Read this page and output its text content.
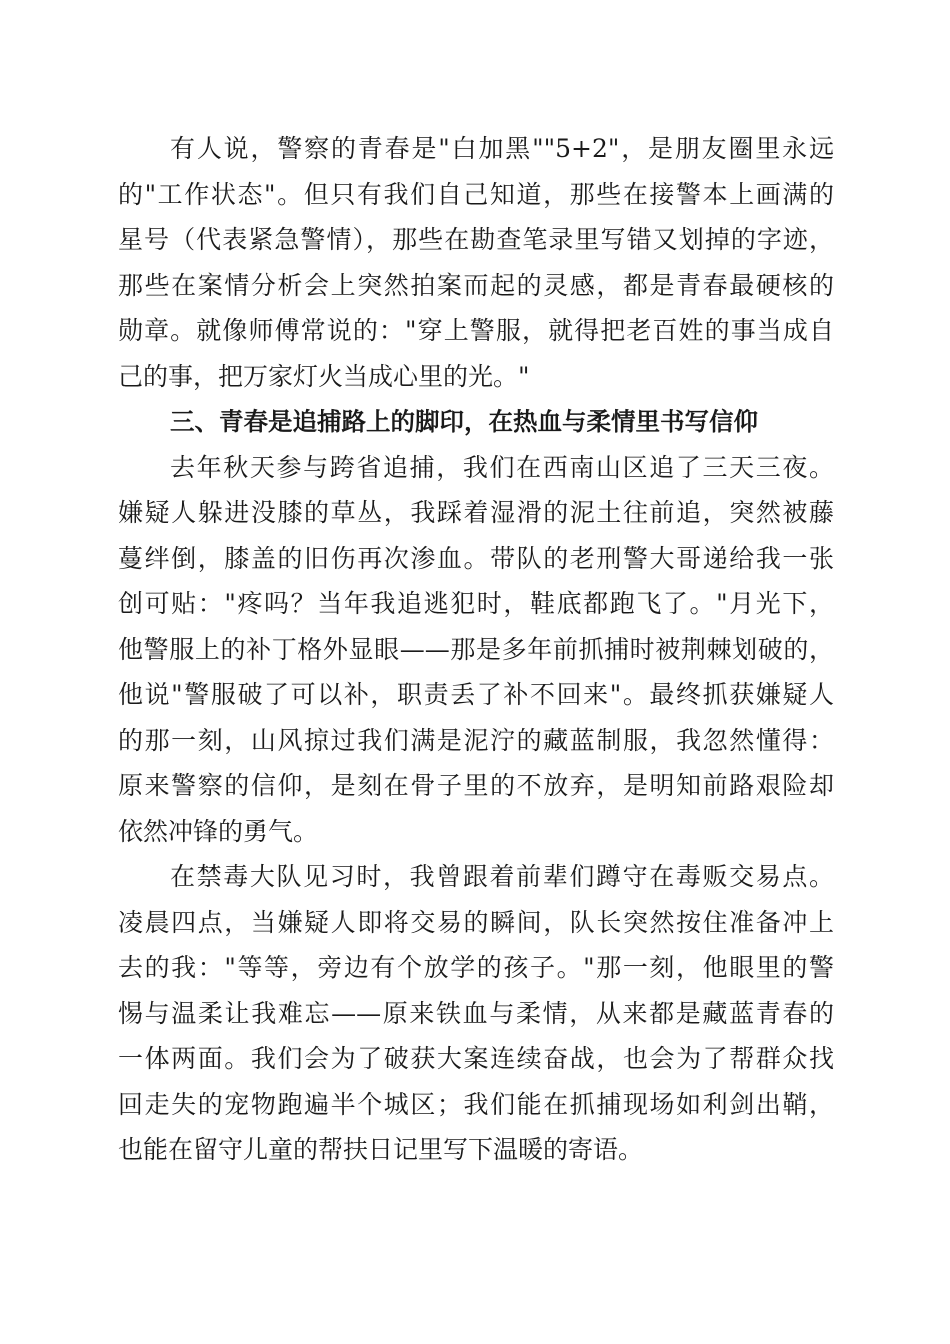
有人说，警察的青春是"白加黑""5+2"，是朋友圈里永远
的"工作状态"。但只有我们自己知道，那些在接警本上画满的
星号（代表紧急警情），那些在勘查笔录里写错又划掉的字迹，
那些在案情分析会上突然拍案而起的灵感，都是青春最硬核的
勋章。就像师傅常说的："穿上警服，就得把老百姓的事当成自
己的事，把万家灯火当成心里的光。"
三、青春是追捕路上的脚印，在热血与柔情里书写信仰
去年秋天参与跨省追捕，我们在西南山区追了三天三夜。
嫌疑人躲进没膝的草丛，我踩着湿滑的泥土往前追，突然被藤
蔓绊倒，膝盖的旧伤再次渗血。带队的老刑警大哥递给我一张
创可贴："疼吗？当年我追逃犯时，鞋底都跑飞了。"月光下，
他警服上的补丁格外显眼——那是多年前抓捕时被荆棘划破的，
他说"警服破了可以补，职责丢了补不回来"。最终抓获嫌疑人
的那一刻，山风掠过我们满是泥泞的藏蓝制服，我忽然懂得：
原来警察的信仰，是刻在骨子里的不放弃，是明知前路艰险却
依然冲锋的勇气。
在禁毒大队见习时，我曾跟着前辈们蹲守在毒贩交易点。
凌晨四点，当嫌疑人即将交易的瞬间，队长突然按住准备冲上
去的我："等等，旁边有个放学的孩子。"那一刻，他眼里的警
惕与温柔让我难忘——原来铁血与柔情，从来都是藏蓝青春的
一体两面。我们会为了破获大案连续奋战，也会为了帮群众找
回走失的宠物跑遍半个城区；我们能在抓捕现场如利剑出鞘，
也能在留守儿童的帮扶日记里写下温暖的寄语。
